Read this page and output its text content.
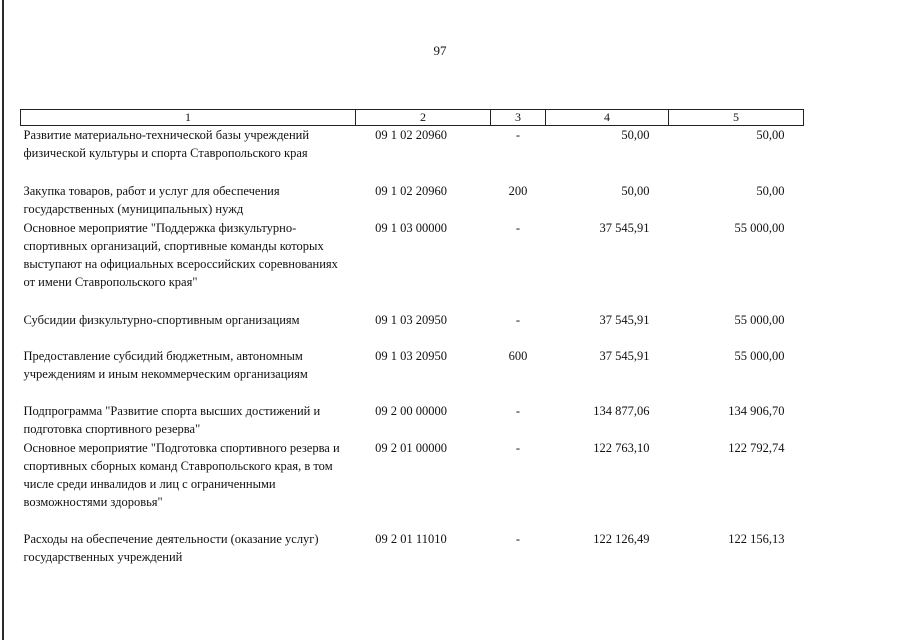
97
1	2	3	4	5
Развитие материально-технической базы учреждений физической культуры и спорта Ставропольского края	09 1 02 20960	-	50,00	50,00
Закупка товаров, работ и услуг для обеспечения государственных (муниципальных) нужд	09 1 02 20960	200	50,00	50,00
Основное мероприятие "Поддержка физкультурно-спортивных организаций, спортивные команды которых выступают на официальных всероссийских соревнованиях от имени Ставропольского края"	09 1 03 00000	-	37 545,91	55 000,00
Субсидии физкультурно-спортивным организациям	09 1 03 20950	-	37 545,91	55 000,00
Предоставление субсидий бюджетным, автономным учреждениям и иным некоммерческим организациям	09 1 03 20950	600	37 545,91	55 000,00
Подпрограмма "Развитие спорта высших достижений и подготовка спортивного резерва"	09 2 00 00000	-	134 877,06	134 906,70
Основное мероприятие "Подготовка спортивного резерва и спортивных сборных команд Ставропольского края, в том числе среди инвалидов и лиц с ограниченными возможностями здоровья"	09 2 01 00000	-	122 763,10	122 792,74
Расходы на обеспечение деятельности (оказание услуг) государственных учреждений	09 2 01 11010	-	122 126,49	122 156,13
